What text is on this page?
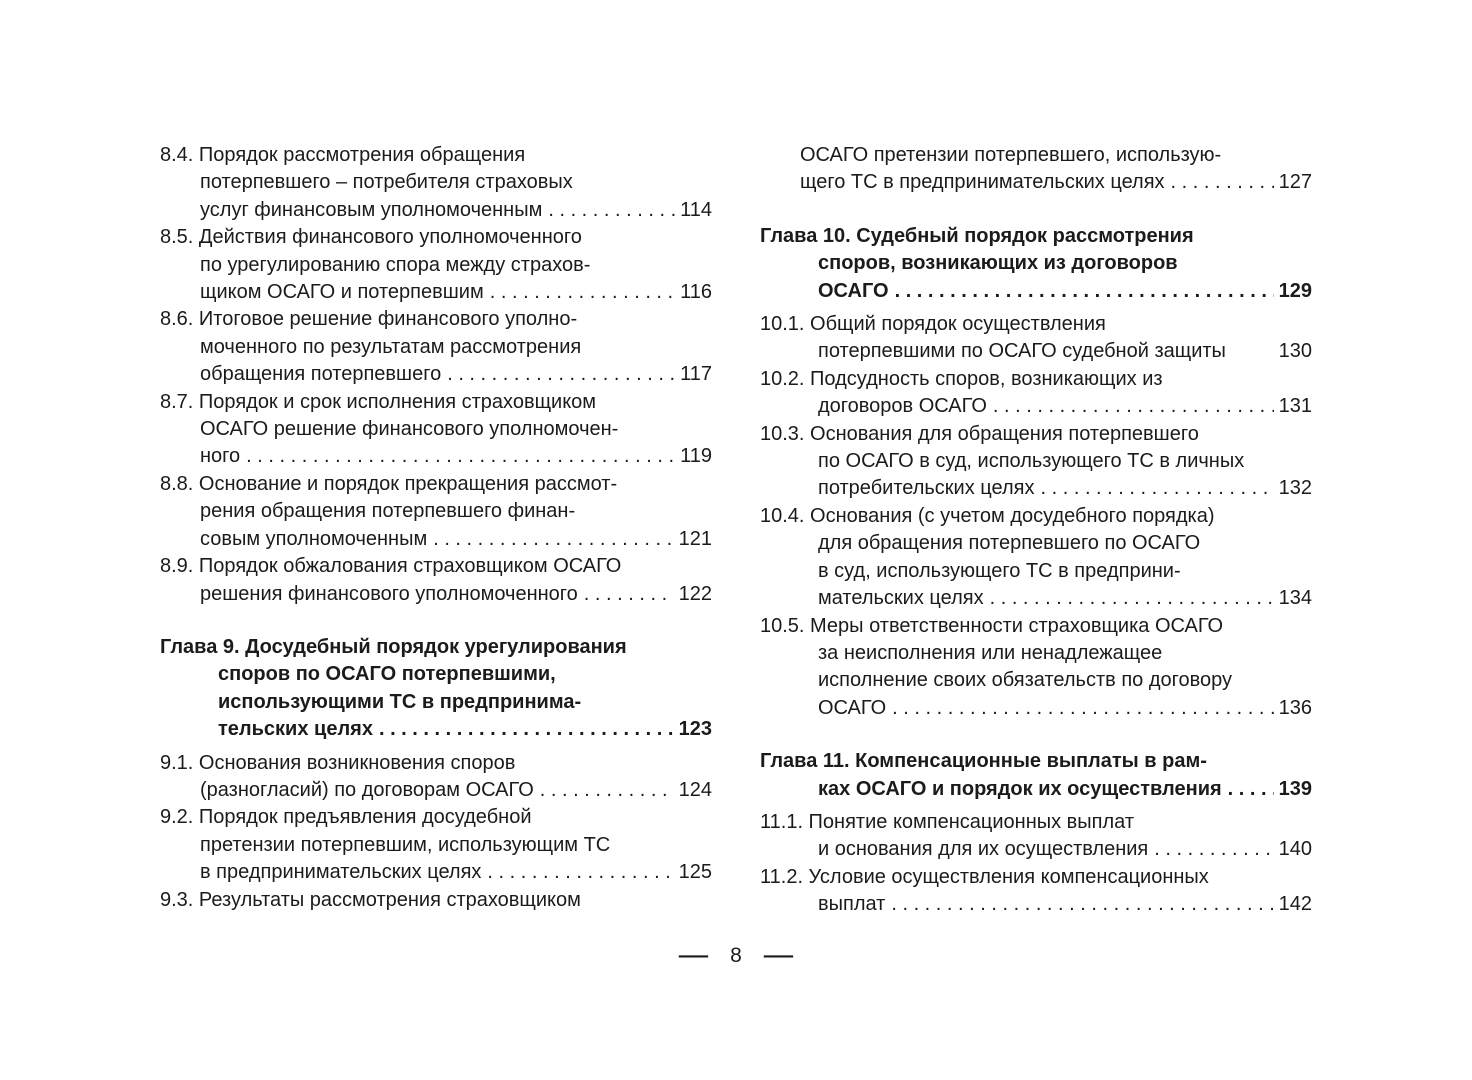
8.4. Порядок рассмотрения обращения
потерпевшего – потребителя страховых
услуг финансовым уполномоченным . . .	114
8.5. Действия финансового уполномоченного
по урегулированию спора между страхов-
щиком ОСАГО и потерпевшим . . .	116
8.6. Итоговое решение финансового уполно-
моченного по результатам рассмотрения
обращения потерпевшего . . .	117
8.7. Порядок и срок исполнения страховщиком
ОСАГО решение финансового уполномочен-
ного . . .	119
8.8. Основание и порядок прекращения рассмот-
рения обращения потерпевшего финан-
совым уполномоченным . . .	121
8.9. Порядок обжалования страховщиком ОСАГО
решения финансового уполномоченного . . .	122
Глава 9. Досудебный порядок урегулирования
споров по ОСАГО потерпевшими,
использующими ТС в предпринима-
тельских целях . . .	123
9.1. Основания возникновения споров
(разногласий) по договорам ОСАГО . . .	124
9.2. Порядок предъявления досудебной
претензии потерпевшим, использующим ТС
в предпринимательских целях . . .	125
9.3. Результаты рассмотрения страховщиком
ОСАГО претензии потерпевшего, использую-
щего ТС в предпринимательских целях . . .	127
Глава 10. Судебный порядок рассмотрения
споров, возникающих из договоров
ОСАГО . . .	129
10.1. Общий порядок осуществления
потерпевшими по ОСАГО судебной защиты	130
10.2. Подсудность споров, возникающих из
договоров ОСАГО . . .	131
10.3. Основания для обращения потерпевшего
по ОСАГО в суд, использующего ТС в личных
потребительских целях . . .	132
10.4. Основания (с учетом досудебного порядка)
для обращения потерпевшего по ОСАГО
в суд, использующего ТС в предприни-
мательских целях . . .	134
10.5. Меры ответственности страховщика ОСАГО
за неисполнения или ненадлежащее
исполнение своих обязательств по договору
ОСАГО . . .	136
Глава 11. Компенсационные выплаты в рам-
ках ОСАГО и порядок их осуществления . . .	139
11.1. Понятие компенсационных выплат
и основания для их осуществления . . .	140
11.2. Условие осуществления компенсационных
выплат . . .	142
— 8 —
